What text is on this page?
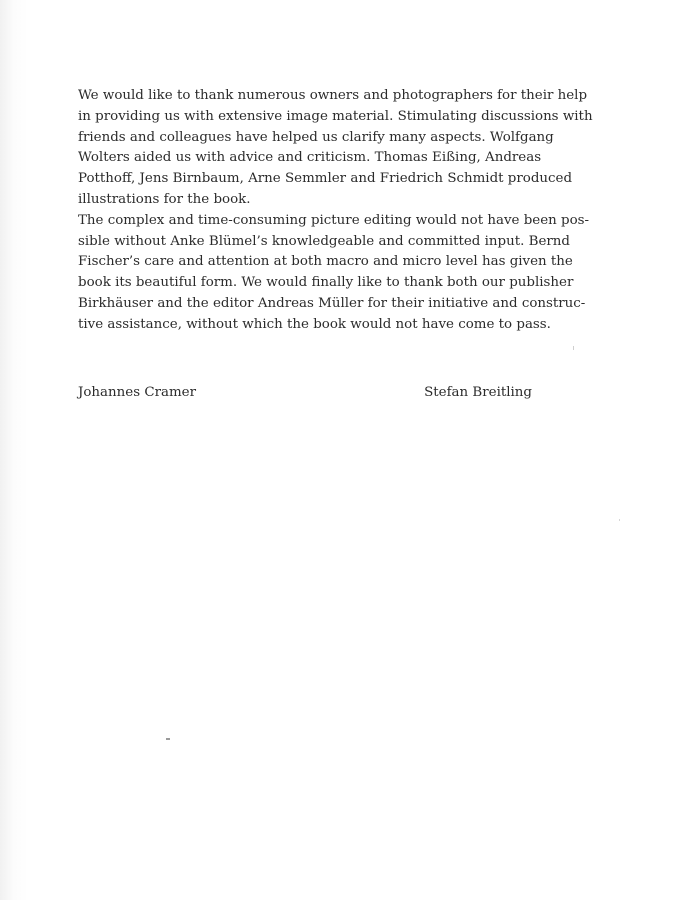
We would like to thank numerous owners and photographers for their help
in providing us with extensive image material. Stimulating discussions with
friends and colleagues have helped us clarify many aspects. Wolfgang
Wolters aided us with advice and criticism. Thomas Eißing, Andreas
Potthoff, Jens Birnbaum, Arne Semmler and Friedrich Schmidt produced
illustrations for the book.
The complex and time-consuming picture editing would not have been pos-
sible without Anke Blümel’s knowledgeable and committed input. Bernd
Fischer’s care and attention at both macro and micro level has given the
book its beautiful form. We would finally like to thank both our publisher
Birkhäuser and the editor Andreas Müller for their initiative and construc-
tive assistance, without which the book would not have come to pass.
Johannes Cramer	Stefan Breitling
